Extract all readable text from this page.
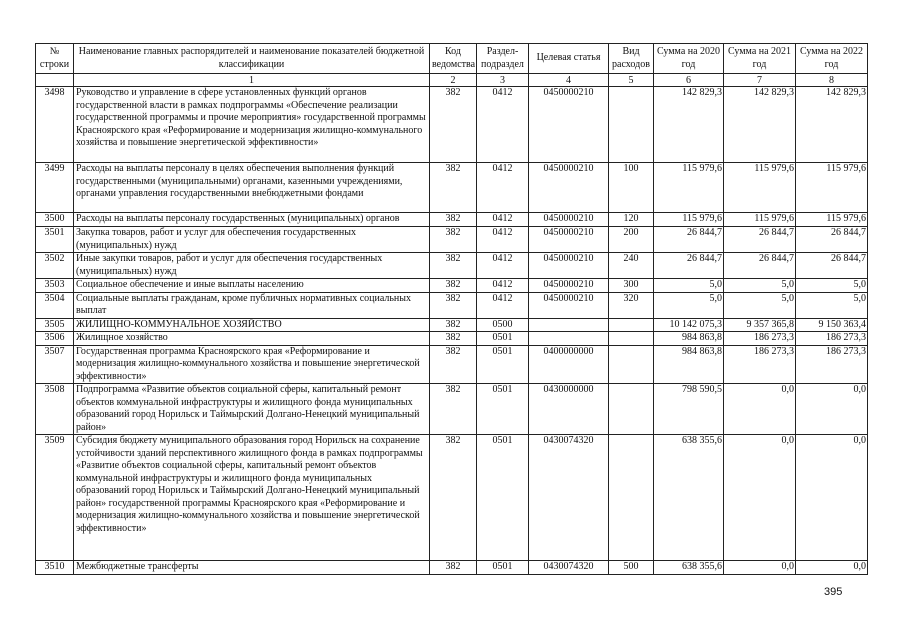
№ строки	Наименование главных распорядителей и наименование показателей бюджетной классификации	Код ведомства	Раздел-подраздел	Целевая статья	Вид расходов	Сумма на 2020 год	Сумма на 2021 год	Сумма на 2022 год
	1	2	3	4	5	6	7	8
3498	Руководство и управление в сфере установленных функций органов государственной власти в рамках подпрограммы «Обеспечение реализации государственной программы и прочие мероприятия» государственной программы Красноярского края «Реформирование и модернизация жилищно-коммунального хозяйства и повышение энергетической эффективности»	382	0412	0450000210		142 829,3	142 829,3	142 829,3
3499	Расходы на выплаты персоналу в целях обеспечения выполнения функций государственными (муниципальными) органами, казенными учреждениями, органами управления государственными внебюджетными фондами	382	0412	0450000210	100	115 979,6	115 979,6	115 979,6
3500	Расходы на выплаты персоналу государственных (муниципальных) органов	382	0412	0450000210	120	115 979,6	115 979,6	115 979,6
3501	Закупка товаров, работ и услуг для обеспечения государственных (муниципальных) нужд	382	0412	0450000210	200	26 844,7	26 844,7	26 844,7
3502	Иные закупки товаров, работ и услуг для обеспечения государственных (муниципальных) нужд	382	0412	0450000210	240	26 844,7	26 844,7	26 844,7
3503	Социальное обеспечение и иные выплаты населению	382	0412	0450000210	300	5,0	5,0	5,0
3504	Социальные выплаты гражданам, кроме публичных нормативных социальных выплат	382	0412	0450000210	320	5,0	5,0	5,0
3505	ЖИЛИЩНО-КОММУНАЛЬНОЕ ХОЗЯЙСТВО	382	0500			10 142 075,3	9 357 365,8	9 150 363,4
3506	Жилищное хозяйство	382	0501			984 863,8	186 273,3	186 273,3
3507	Государственная программа Красноярского края «Реформирование и модернизация жилищно-коммунального хозяйства и повышение энергетической эффективности»	382	0501	0400000000		984 863,8	186 273,3	186 273,3
3508	Подпрограмма «Развитие объектов социальной сферы, капитальный ремонт объектов коммунальной инфраструктуры и жилищного фонда муниципальных образований город Норильск и Таймырский Долгано-Ненецкий муниципальный район»	382	0501	0430000000		798 590,5	0,0	0,0
3509	Субсидия бюджету муниципального образования город Норильск на сохранение устойчивости зданий перспективного жилищного фонда в рамках подпрограммы «Развитие объектов социальной сферы, капитальный ремонт объектов коммунальной инфраструктуры и жилищного фонда муниципальных образований город Норильск и Таймырский Долгано-Ненецкий муниципальный район» государственной программы Красноярского края «Реформирование и модернизация жилищно-коммунального хозяйства и повышение энергетической эффективности»	382	0501	0430074320		638 355,6	0,0	0,0
3510	Межбюджетные трансферты	382	0501	0430074320	500	638 355,6	0,0	0,0
395
